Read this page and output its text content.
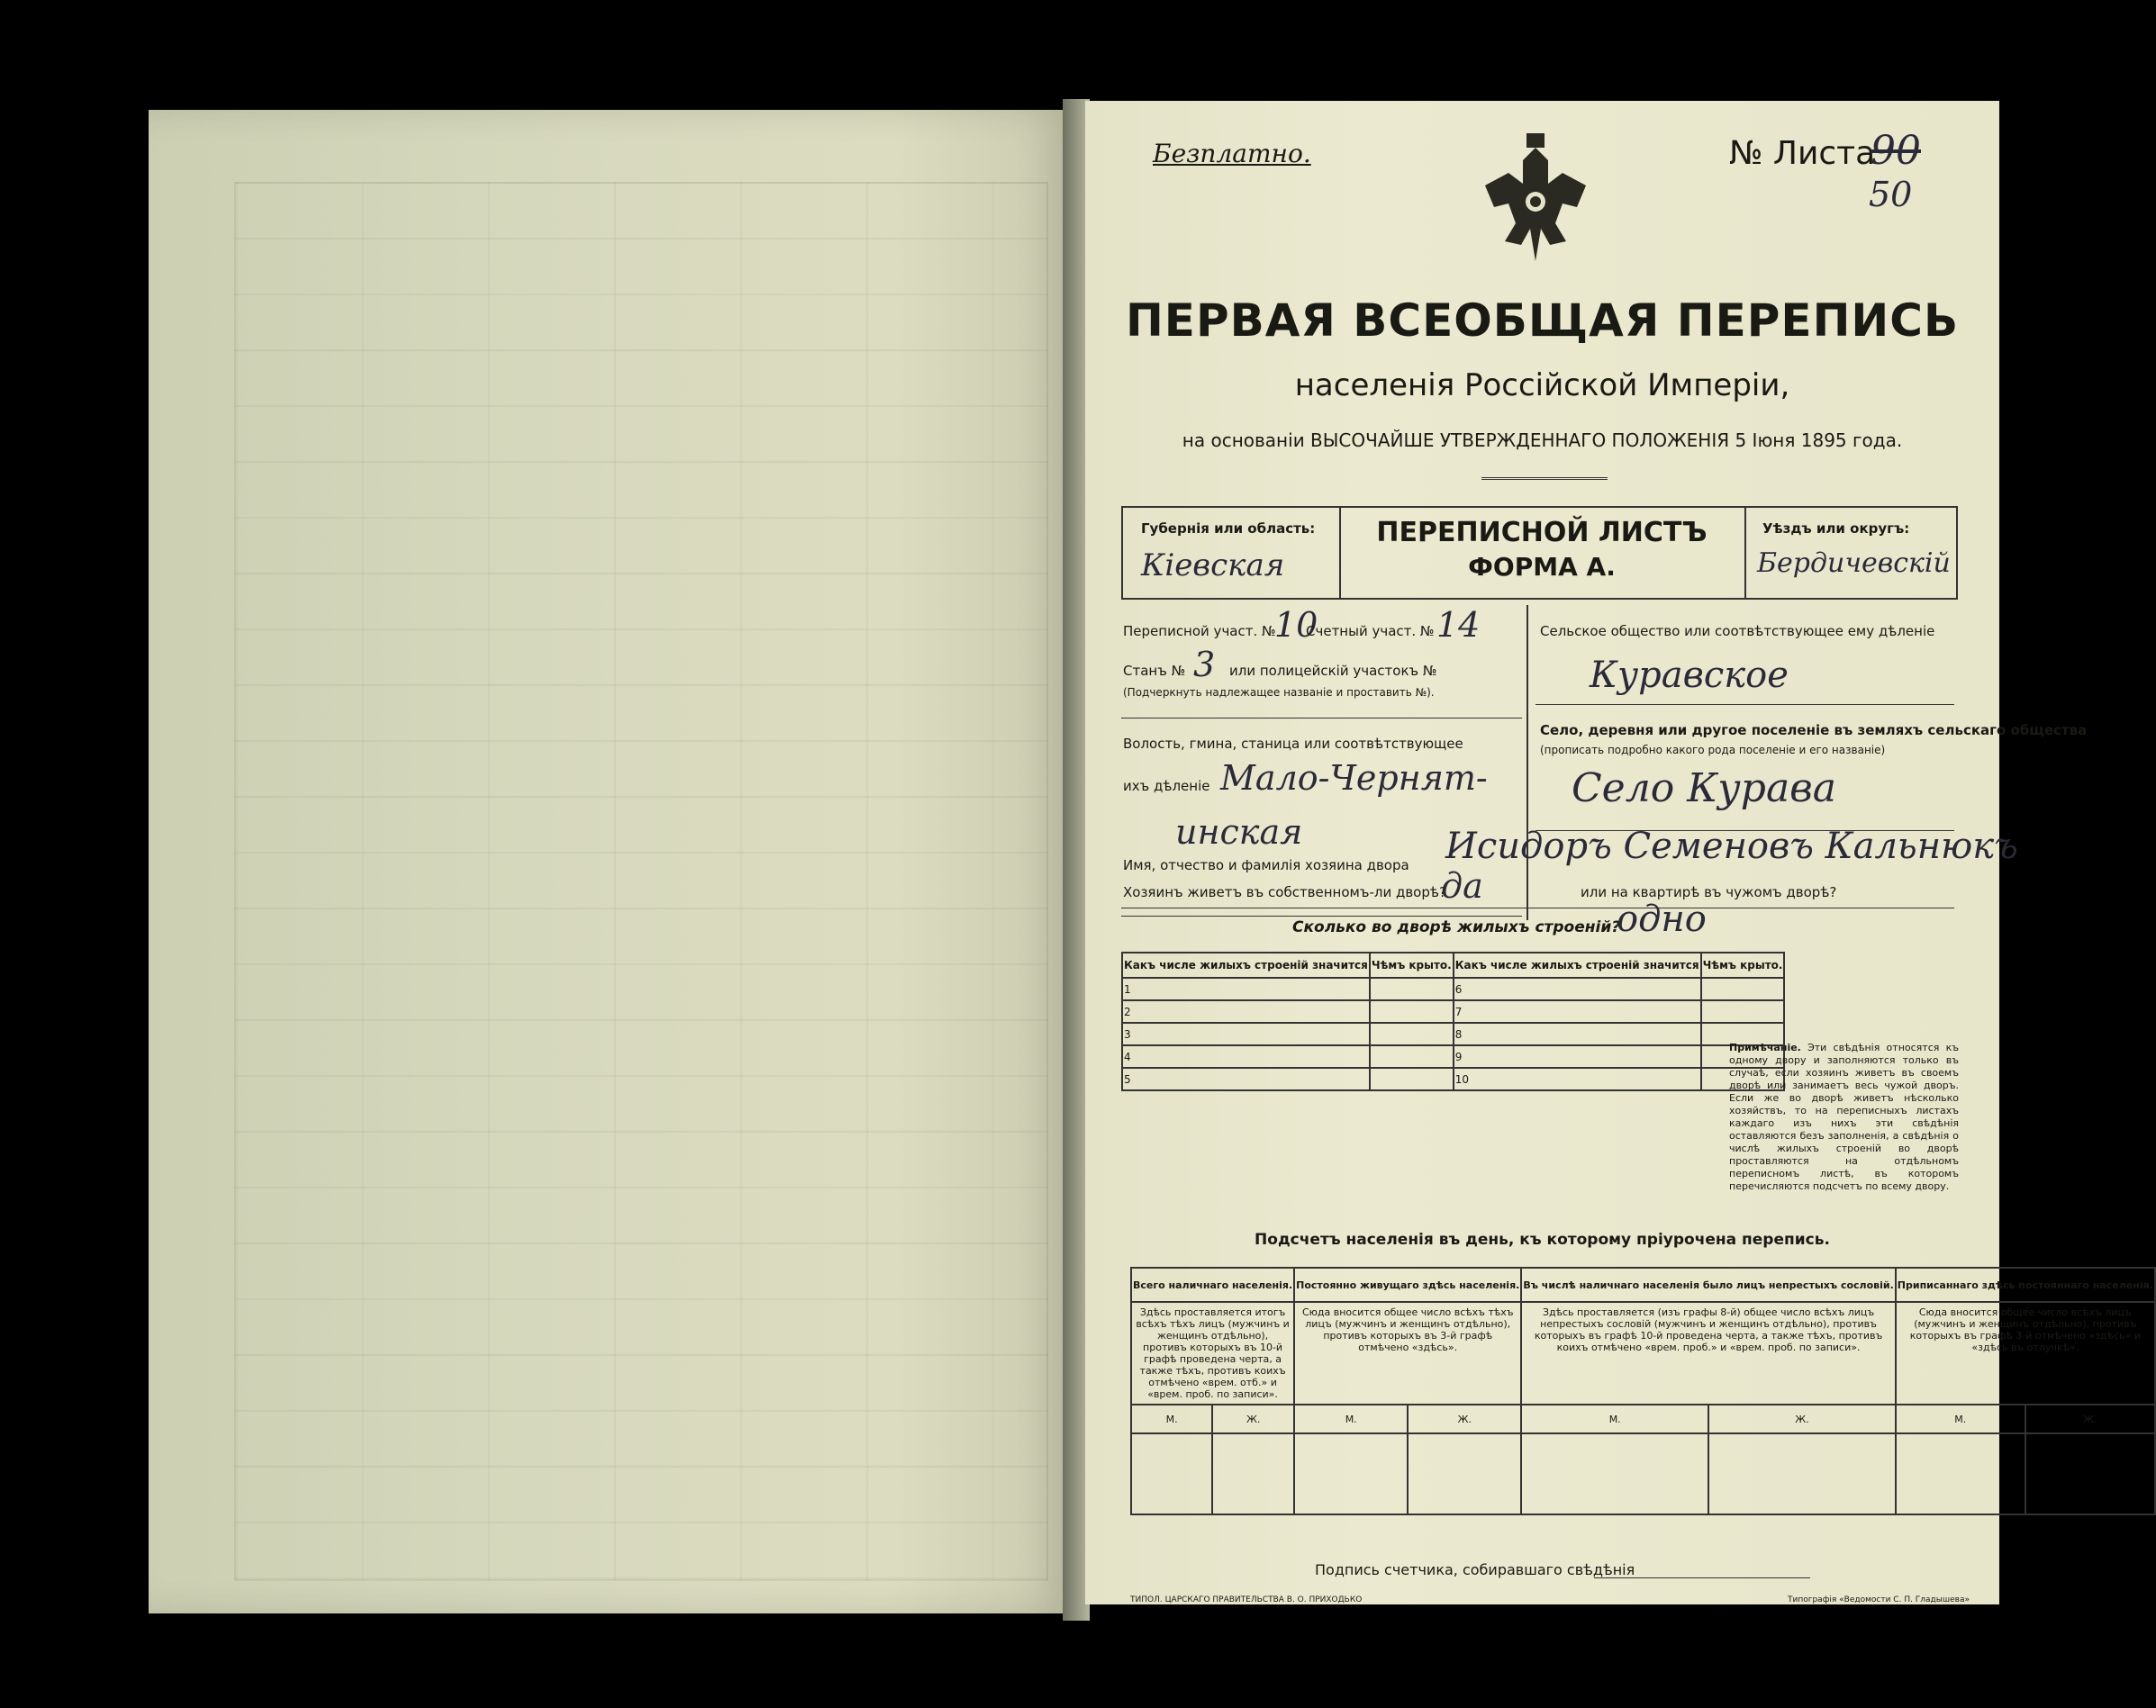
Безплатно.	№ Листа
90
50
ПЕРВАЯ ВСЕОБЩАЯ ПЕРЕПИСЬ
населенія Россійской Имперіи,
на основаніи ВЫСОЧАЙШЕ УТВЕРЖДЕННАГО ПОЛОЖЕНІЯ 5 Іюня 1895 года.
Губернія или область:
Кіевская
ПЕРЕПИСНОЙ ЛИСТЪ
ФОРМА А.
Уѣздъ или округъ:
Бердичевскій
Переписной участ. №
10
Счетный участ. № 14
Станъ № 3 или полицейскій участокъ №
(Подчеркнуть надлежащее названіе и проставить №).
Волость, гмина, станица или соотвѣтствующее
ихъ дѣленіе Мало-Чернят-
инская
Сельское общество или соотвѣтствующее ему дѣленіе
Куравское
Село, деревня или другое поселеніе въ земляхъ сельскаго общества
(прописать подробно какого рода поселеніе и его названіе)
Село Курава
Имя, отчество и фамилія хозяина двора Исидоръ Семеновъ Кальнюкъ
Хозяинъ живетъ въ собственномъ-ли дворѣ?
да	или на квартирѣ въ чужомъ дворѣ?
Сколько во дворѣ жилыхъ строеній?
одно
Какъ числе жилыхъ строеній значится	Чѣмъ крыто.	Какъ числе жилыхъ строеній значится	Чѣмъ крыто.
1		6	
2		7	
3		8	
4		9	
5		10	
Примѣчаніе. Эти свѣдѣнія относятся къ одному двору и заполняются только въ случаѣ, если хозяинъ живетъ въ своемъ дворѣ или занимаетъ весь чужой дворъ. Если же во дворѣ живетъ нѣсколько хозяйствъ, то на переписныхъ листахъ каждаго изъ нихъ эти свѣдѣнія оставляются безъ заполненія, а свѣдѣнія о числѣ жилыхъ строеній во дворѣ проставляются на отдѣльномъ переписномъ листѣ, въ которомъ перечисляются подсчетъ по всему двору.
Подсчетъ населенія въ день, къ которому пріурочена перепись.
Всего наличнаго населенія.		Постоянно живущаго здѣсь населенія.		Въ числѣ наличнаго населенія было лицъ непрестыхъ сословій.		Приписаннаго здѣсь постояннаго населенія.	
Здѣсь проставляется итогъ всѣхъ тѣхъ лицъ (мужчинъ и женщинъ отдѣльно), противъ которыхъ въ 10-й графѣ проведена черта, а также тѣхъ, противъ коихъ отмѣчено «врем. отб.» и «врем. проб. по записи».		Сюда вносится общее число всѣхъ тѣхъ лицъ (мужчинъ и женщинъ отдѣльно), противъ которыхъ въ 3-й графѣ отмѣчено «здѣсь».		Здѣсь проставляется (изъ графы 8-й) общее число всѣхъ лицъ непрестыхъ сословій (мужчинъ и женщинъ отдѣльно), противъ которыхъ въ графѣ 10-й проведена черта, а также тѣхъ, противъ коихъ отмѣчено «врем. проб.» и «врем. проб. по записи».		Сюда вносится общее число всѣхъ лицъ (мужчинъ и женщинъ отдѣльно), противъ которыхъ въ графѣ 3-й отмѣчено «здѣсь» и «здѣсь въ отлучкѣ».	
М.	Ж.	М.	Ж.	М.	Ж.	М.	Ж.

Подпись счетчика, собиравшаго свѣдѣнія
ТИПОЛ. ЦАРСКАГО ПРАВИТЕЛЬСТВА В. О. ПРИХОДЬКО	Типографія «Ведомости С. П. Гладышева»
